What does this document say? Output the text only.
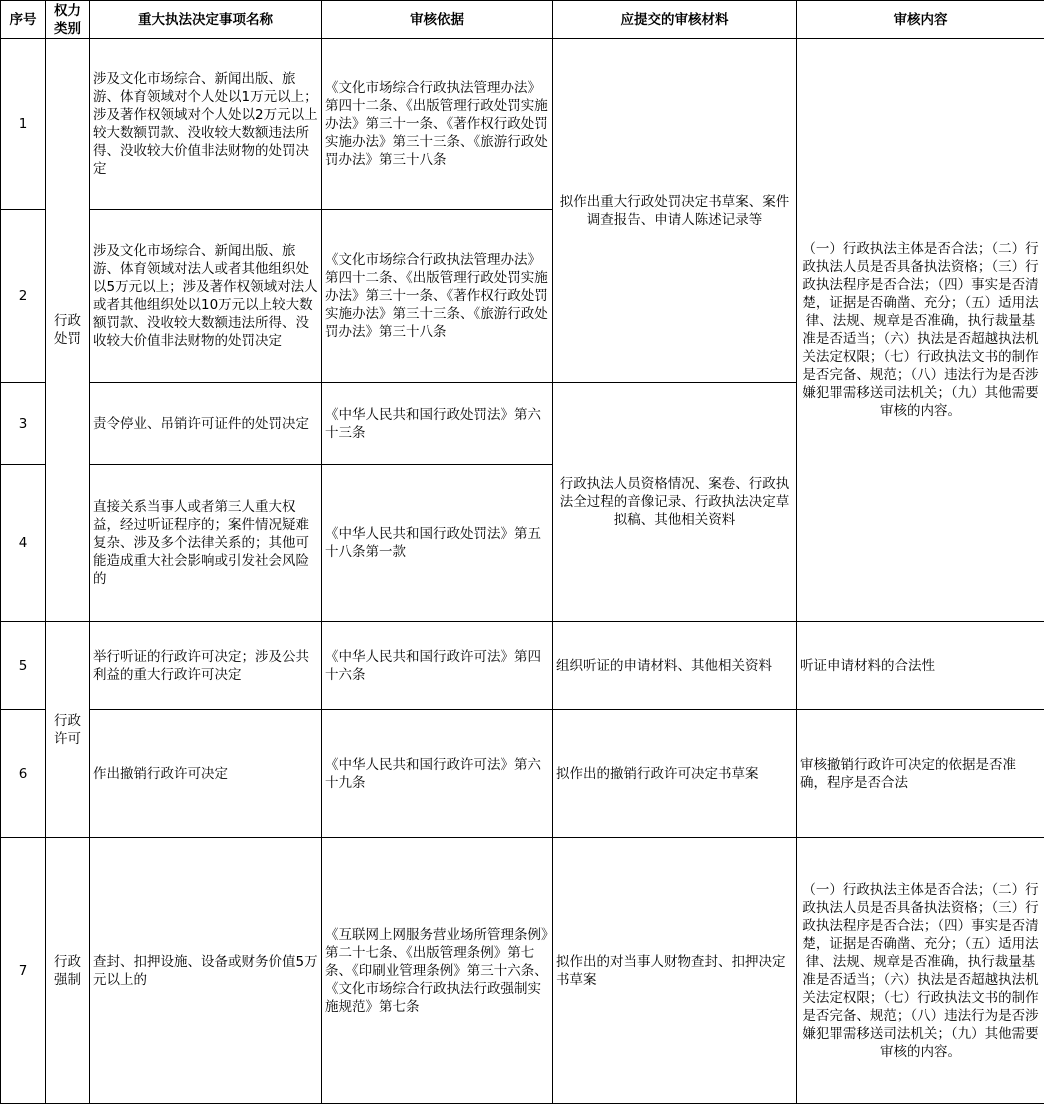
序号	权力类别	重大执法决定事项名称	审核依据	应提交的审核材料	审核内容
1	行政处罚	涉及文化市场综合、新闻出版、旅游、体育领域对个人处以1万元以上；涉及著作权领域对个人处以2万元以上较大数额罚款、没收较大数额违法所得、没收较大价值非法财物的处罚决定	《文化市场综合行政执法管理办法》第四十二条、《出版管理行政处罚实施办法》第三十一条、《著作权行政处罚实施办法》第三十三条、《旅游行政处罚办法》第三十八条	拟作出重大行政处罚决定书草案、案件调查报告、申请人陈述记录等	（一）行政执法主体是否合法；（二）行政执法人员是否具备执法资格；（三）行政执法程序是否合法；（四）事实是否清楚，证据是否确凿、充分；（五）适用法律、法规、规章是否准确，执行裁量基准是否适当；（六）执法是否超越执法机关法定权限；（七）行政执法文书的制作是否完备、规范；（八）违法行为是否涉嫌犯罪需移送司法机关；（九）其他需要审核的内容。
2		涉及文化市场综合、新闻出版、旅游、体育领域对法人或者其他组织处以5万元以上；涉及著作权领域对法人或者其他组织处以10万元以上较大数额罚款、没收较大数额违法所得、没收较大价值非法财物的处罚决定	《文化市场综合行政执法管理办法》第四十二条、《出版管理行政处罚实施办法》第三十一条、《著作权行政处罚实施办法》第三十三条、《旅游行政处罚办法》第三十八条		
3		责令停业、吊销许可证件的处罚决定	《中华人民共和国行政处罚法》第六十三条	行政执法人员资格情况、案卷、行政执法全过程的音像记录、行政执法决定草拟稿、其他相关资料	
4		直接关系当事人或者第三人重大权益，经过听证程序的；案件情况疑难复杂、涉及多个法律关系的；其他可能造成重大社会影响或引发社会风险的	《中华人民共和国行政处罚法》第五十八条第一款		
5	行政许可	举行听证的行政许可决定；涉及公共利益的重大行政许可决定	《中华人民共和国行政许可法》第四十六条	组织听证的申请材料、其他相关资料	听证申请材料的合法性
6		作出撤销行政许可决定	《中华人民共和国行政许可法》第六十九条	拟作出的撤销行政许可决定书草案	审核撤销行政许可决定的依据是否准确，程序是否合法
7	行政强制	查封、扣押设施、设备或财务价值5万元以上的	《互联网上网服务营业场所管理条例》第二十七条、《出版管理条例》第七条、《印刷业管理条例》第三十六条、《文化市场综合行政执法行政强制实施规范》第七条	拟作出的对当事人财物查封、扣押决定书草案	（一）行政执法主体是否合法；（二）行政执法人员是否具备执法资格；（三）行政执法程序是否合法；（四）事实是否清楚，证据是否确凿、充分；（五）适用法律、法规、规章是否准确，执行裁量基准是否适当；（六）执法是否超越执法机关法定权限；（七）行政执法文书的制作是否完备、规范；（八）违法行为是否涉嫌犯罪需移送司法机关；（九）其他需要审核的内容。
